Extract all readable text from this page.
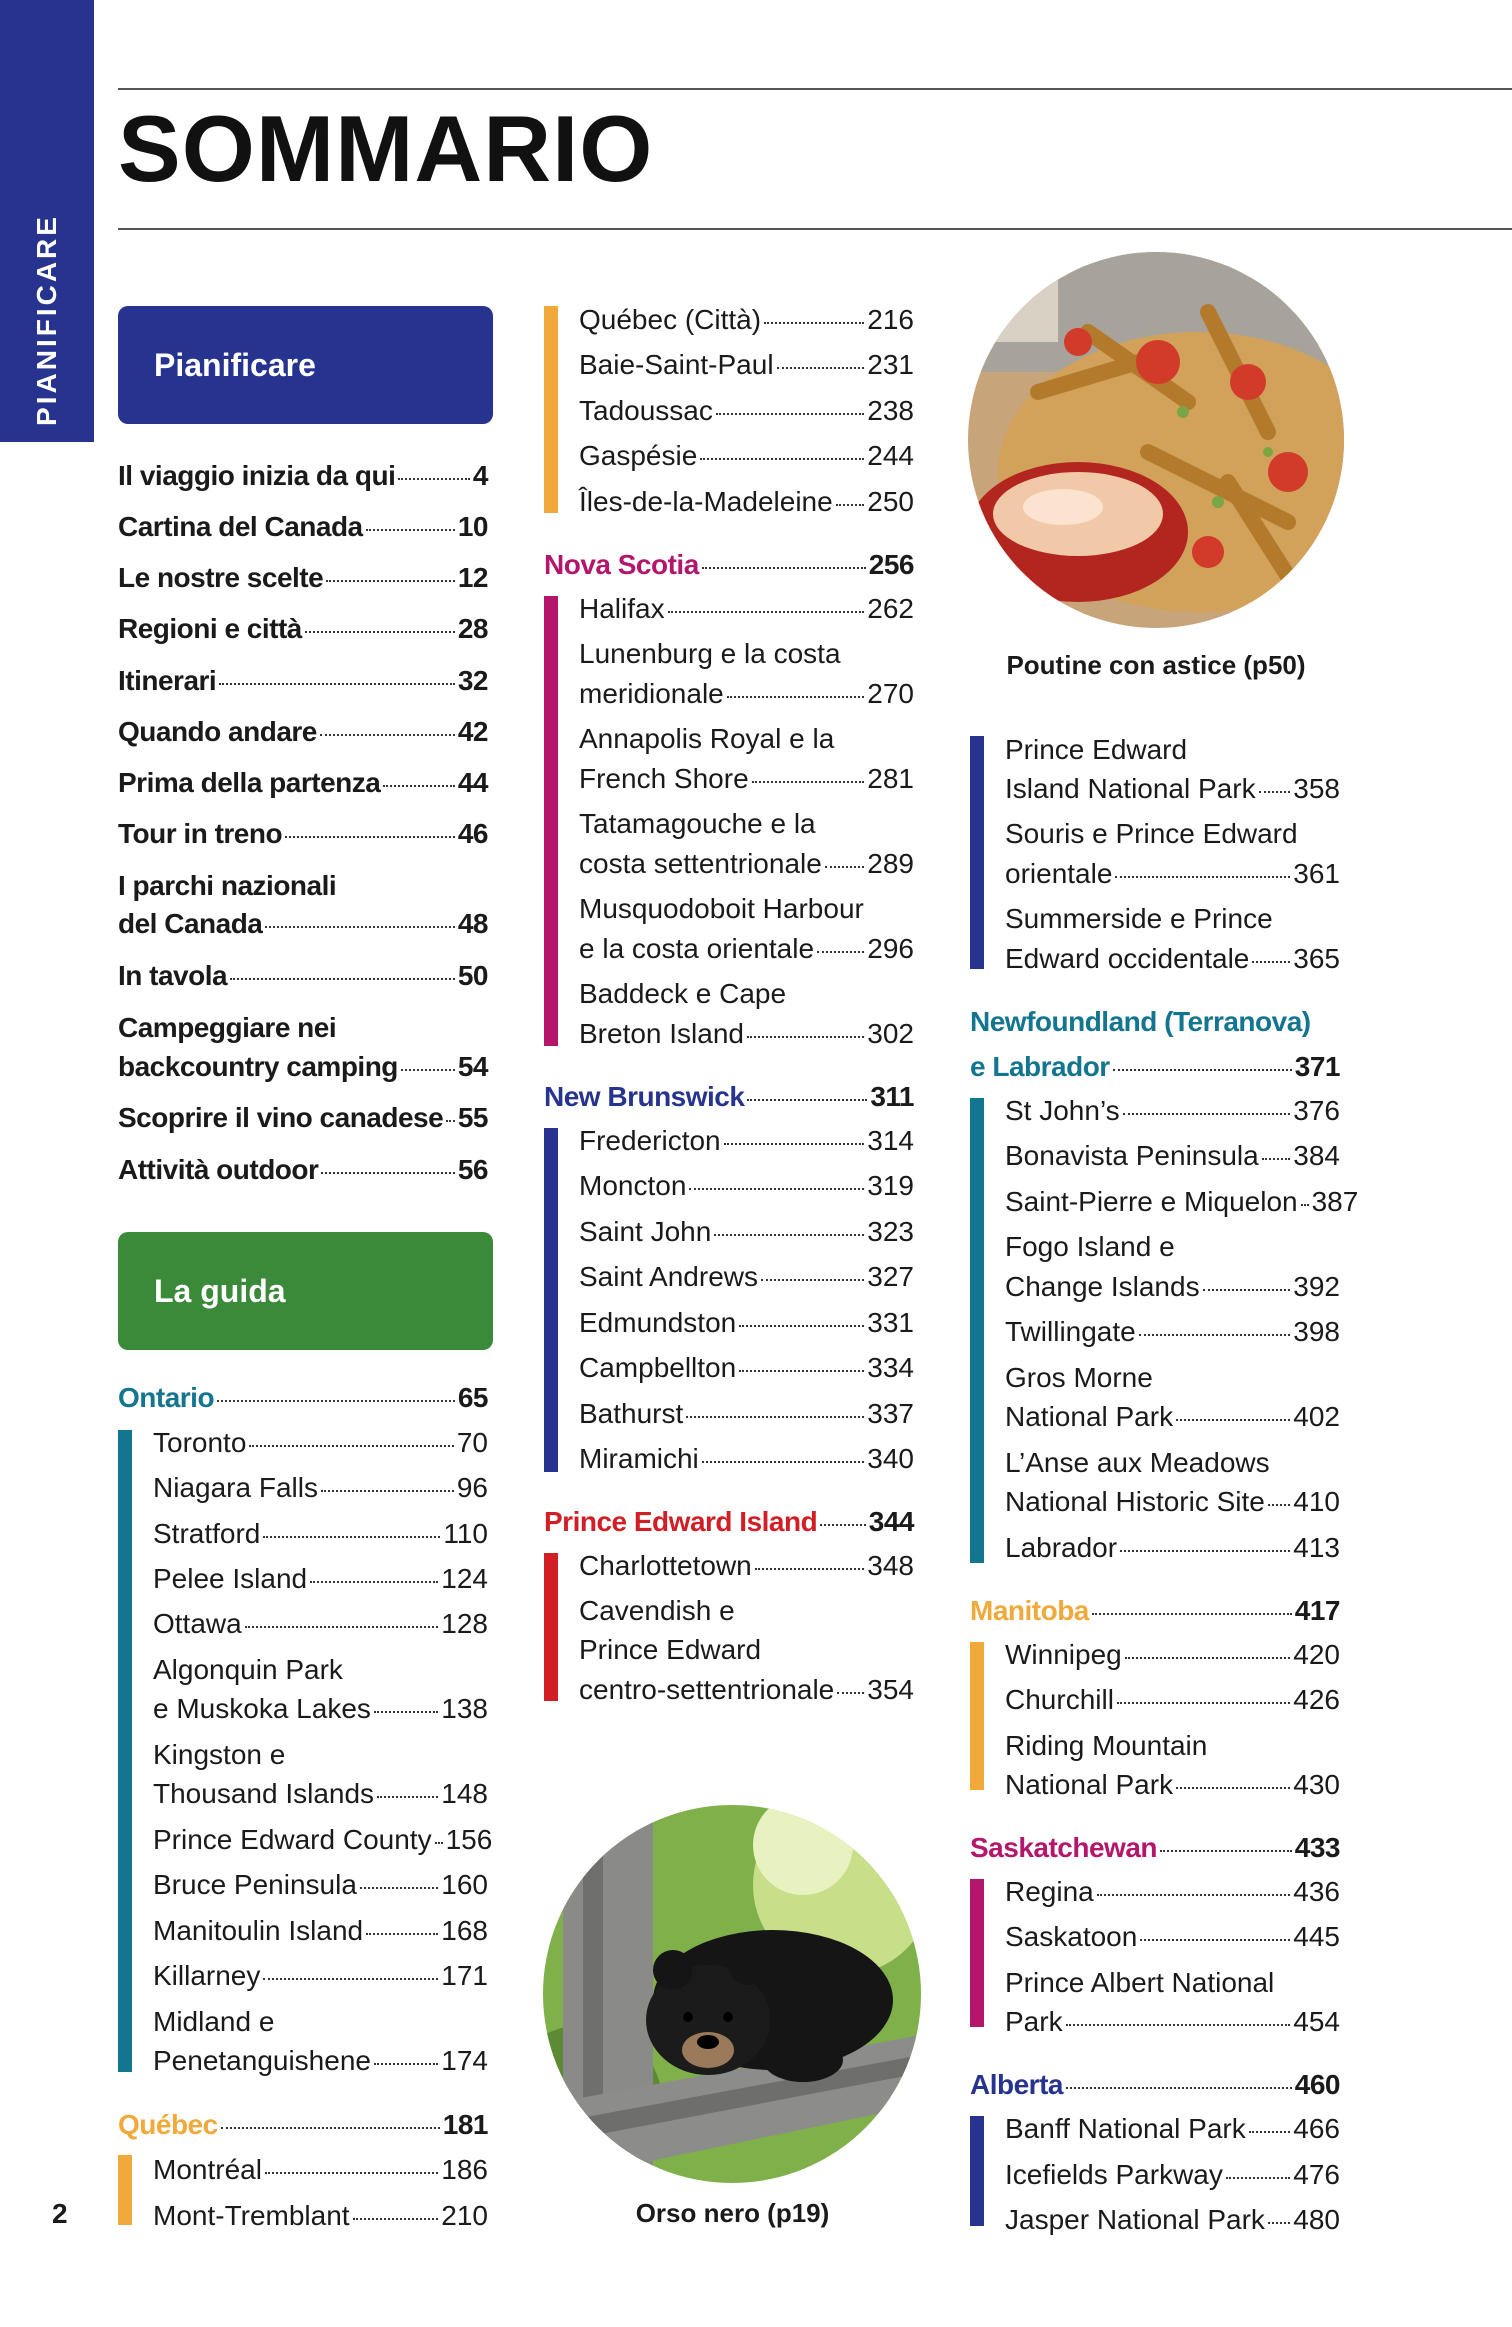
PIANIFICARE
SOMMARIO
Pianificare
Il viaggio inizia da qui	4
Cartina del Canada	10
Le nostre scelte	12
Regioni e città	28
Itinerari	32
Quando andare	42
Prima della partenza	44
Tour in treno	46
I parchi nazionali
del Canada	48
In tavola	50
Campeggiare nei
backcountry camping 54
Scoprire il vino canadese 55
Attività outdoor	56
La guida
Ontario	65
Toronto	70
Niagara Falls	96
Stratford	110
Pelee Island	124
Ottawa	128
Algonquin Park
e Muskoka Lakes	138
Kingston e
Thousand Islands 148
Prince Edward County 156
Bruce Peninsula	160
Manitoulin Island	168
Killarney	171
Midland e
Penetanguishene	174
Québec	181
Montréal	186
Mont-Tremblant	210
Québec (Città)	216
Baie-Saint-Paul	231
Tadoussac	238
Gaspésie	244
Îles-de-la-Madeleine 250
Nova Scotia	256
Halifax	262
Lunenburg e la costa
meridionale	270
Annapolis Royal e la
French Shore	281
Tatamagouche e la
costa settentrionale 289
Musquodoboit Harbour
e la costa orientale 296
Baddeck e Cape
Breton Island	302
New Brunswick	311
Fredericton	314
Moncton	319
Saint John	323
Saint Andrews	327
Edmundston	331
Campbellton	334
Bathurst	337
Miramichi	340
Prince Edward Island 344
Charlottetown	348
Cavendish e
Prince Edward
centro-settentrionale 354
Orso nero (p19)
Poutine con astice (p50)
Prince Edward
Island National Park 358
Souris e Prince Edward
orientale	361
Summerside e Prince
Edward occidentale 365
Newfoundland (Terranova)
e Labrador	371
St John’s	376
Bonavista Peninsula 384
Saint-Pierre e Miquelon 387
Fogo Island e
Change Islands	392
Twillingate	398
Gros Morne
National Park	402
L’Anse aux Meadows
National Historic Site 410
Labrador	413
Manitoba	417
Winnipeg	420
Churchill	426
Riding Mountain
National Park	430
Saskatchewan	433
Regina	436
Saskatoon	445
Prince Albert National
Park	454
Alberta	460
Banff National Park 466
Icefields Parkway	476
Jasper National Park 480
2
